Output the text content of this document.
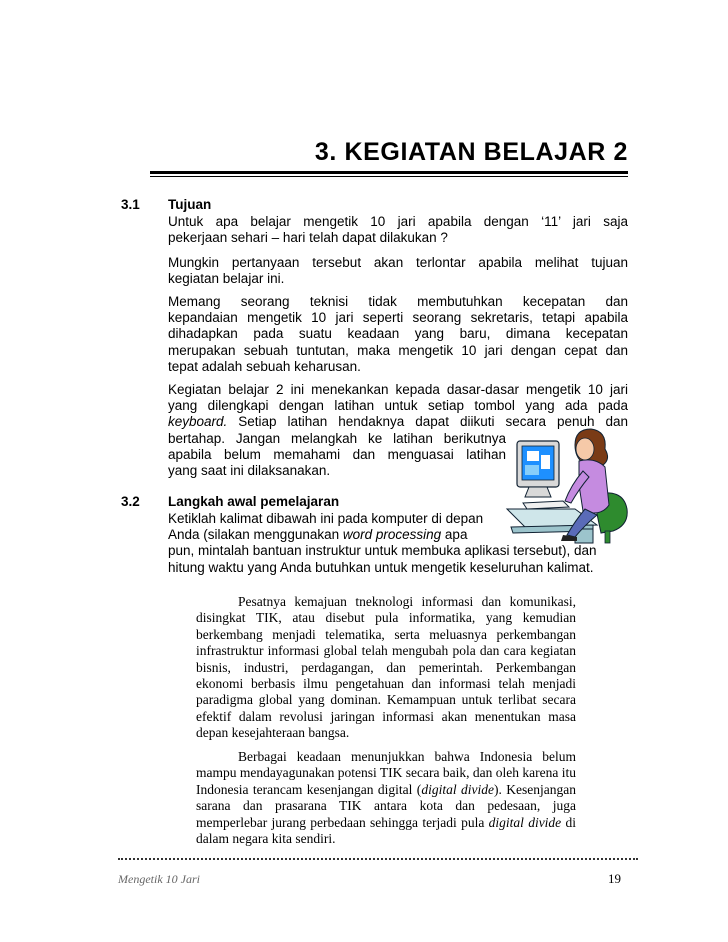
3. KEGIATAN BELAJAR 2
3.1 Tujuan
Untuk apa belajar mengetik 10 jari apabila dengan ‘11’ jari saja
pekerjaan sehari – hari telah dapat dilakukan ?
Mungkin pertanyaan tersebut akan terlontar apabila melihat tujuan
kegiatan belajar ini.
Memang seorang teknisi tidak membutuhkan kecepatan dan
kepandaian mengetik 10 jari seperti seorang sekretaris, tetapi apabila
dihadapkan pada suatu keadaan yang baru, dimana kecepatan
merupakan sebuah tuntutan, maka mengetik 10 jari dengan cepat dan
tepat adalah sebuah keharusan.
Kegiatan belajar 2 ini menekankan kepada dasar-dasar mengetik 10 jari
yang dilengkapi dengan latihan untuk setiap tombol yang ada pada
keyboard. Setiap latihan hendaknya dapat diikuti secara penuh dan
bertahap. Jangan melangkah ke latihan berikutnya
apabila belum memahami dan menguasai latihan
yang saat ini dilaksanakan.
3.2 Langkah awal pemelajaran
Ketiklah kalimat dibawah ini pada komputer di depan
Anda (silakan menggunakan word processing apa
pun, mintalah bantuan instruktur untuk membuka aplikasi tersebut), dan
hitung waktu yang Anda butuhkan untuk mengetik keseluruhan kalimat.
Pesatnya kemajuan tneknologi informasi dan komunikasi, disingkat TIK, atau disebut pula informatika, yang kemudian berkembang menjadi telematika, serta meluasnya perkembangan infrastruktur informasi global telah mengubah pola dan cara kegiatan bisnis, industri, perdagangan, dan pemerintah. Perkembangan ekonomi berbasis ilmu pengetahuan dan informasi telah menjadi paradigma global yang dominan. Kemampuan untuk terlibat secara efektif dalam revolusi jaringan informasi akan menentukan masa depan kesejahteraan bangsa.
Berbagai keadaan menunjukkan bahwa Indonesia belum mampu mendayagunakan potensi TIK secara baik, dan oleh karena itu Indonesia terancam kesenjangan digital (digital divide). Kesenjangan sarana dan prasarana TIK antara kota dan pedesaan, juga memperlebar jurang perbedaan sehingga terjadi pula digital divide di dalam negara kita sendiri.
Mengetik 10 Jari	19
